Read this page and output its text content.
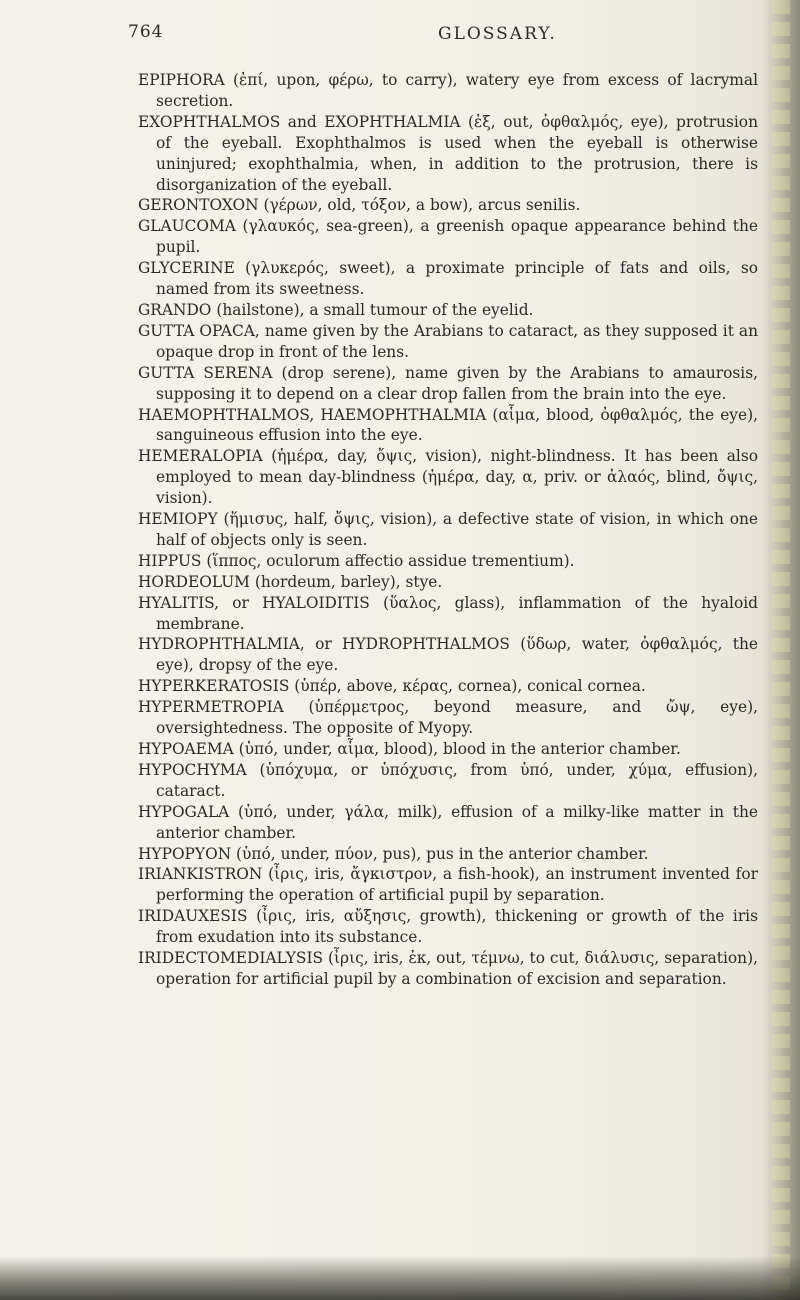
764	GLOSSARY.

EPIPHORA (ἐπί, upon, φέρω, to carry), watery eye from excess of lacrymal secretion.

EXOPHTHALMOS and EXOPHTHALMIA (ἐξ, out, ὀφθαλμός, eye), protrusion of the eyeball. Exophthalmos is used when the eyeball is otherwise uninjured; exophthalmia, when, in addition to the protrusion, there is disorganization of the eyeball.

GERONTOXON (γέρων, old, τόξον, a bow), arcus senilis.

GLAUCOMA (γλαυκός, sea-green), a greenish opaque appearance behind the pupil.

GLYCERINE (γλυκερός, sweet), a proximate principle of fats and oils, so named from its sweetness.

GRANDO (hailstone), a small tumour of the eyelid.

GUTTA OPACA, name given by the Arabians to cataract, as they supposed it an opaque drop in front of the lens.

GUTTA SERENA (drop serene), name given by the Arabians to amaurosis, supposing it to depend on a clear drop fallen from the brain into the eye.

HAEMOPHTHALMOS, HAEMOPHTHALMIA (αἷμα, blood, ὀφθαλμός, the eye), sanguineous effusion into the eye.

HEMERALOPIA (ἡμέρα, day, ὄψις, vision), night-blindness. It has been also employed to mean day-blindness (ἡμέρα, day, α, priv. or ἀλαός, blind, ὄψις, vision).

HEMIOPY (ἥμισυς, half, ὄψις, vision), a defective state of vision, in which one half of objects only is seen.

HIPPUS (ἵππος, oculorum affectio assidue trementium).

HORDEOLUM (hordeum, barley), stye.

HYALITIS, or HYALOIDITIS (ὕαλος, glass), inflammation of the hyaloid membrane.

HYDROPHTHALMIA, or HYDROPHTHALMOS (ὕδωρ, water, ὀφθαλμός, the eye), dropsy of the eye.

HYPERKERATOSIS (ὑπέρ, above, κέρας, cornea), conical cornea.

HYPERMETROPIA (ὑπέρμετρος, beyond measure, and ὤψ, eye), oversightedness. The opposite of Myopy.

HYPOAEMA (ὑπό, under, αἷμα, blood), blood in the anterior chamber.

HYPOCHYMA (ὑπόχυμα, or ὑπόχυσις, from ὑπό, under, χύμα, effusion), cataract.

HYPOGALA (ὑπό, under, γάλα, milk), effusion of a milky-like matter in the anterior chamber.

HYPOPYON (ὑπό, under, πύον, pus), pus in the anterior chamber.

IRIANKISTRON (ἶρις, iris, ἄγκιστρον, a fish-hook), an instrument invented for performing the operation of artificial pupil by separation.

IRIDAUXESIS (ἶρις, iris, αὔξησις, growth), thickening or growth of the iris from exudation into its substance.

IRIDECTOMEDIALYSIS (ἶρις, iris, ἐκ, out, τέμνω, to cut, διάλυσις, separation), operation for artificial pupil by a combination of excision and separation.
